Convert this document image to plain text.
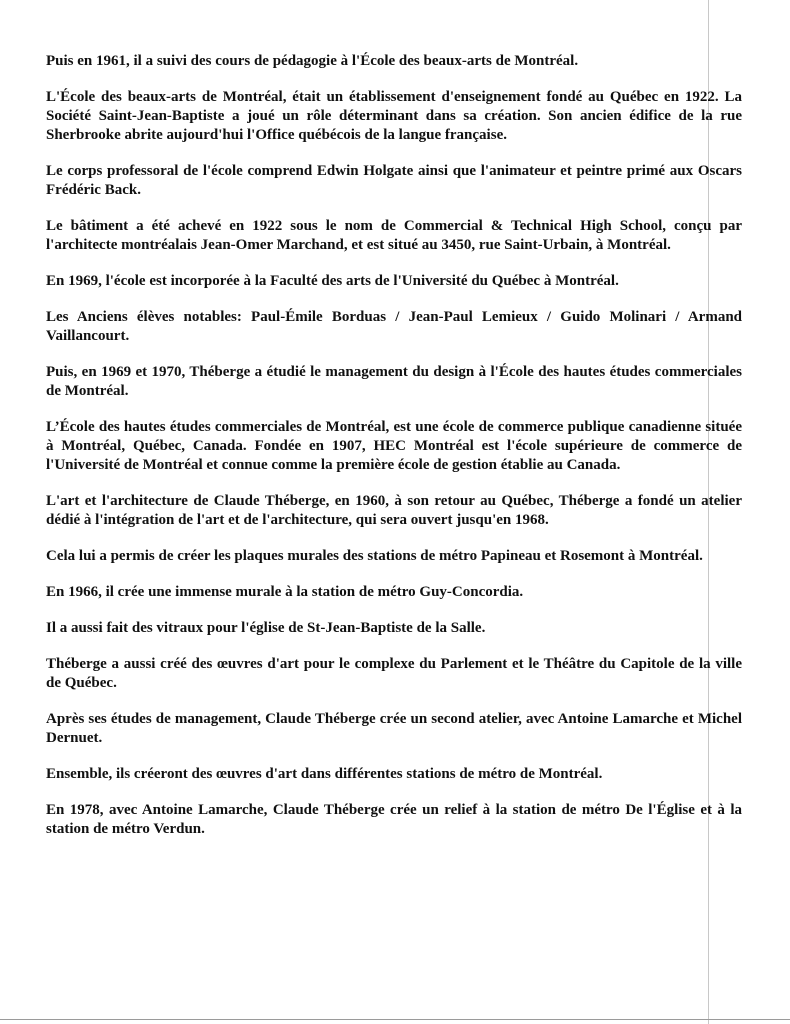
Puis en 1961, il a suivi des cours de pédagogie à l'École des beaux-arts de Montréal.

L'École des beaux-arts de Montréal, était un établissement d'enseignement fondé au Québec en 1922. La Société Saint-Jean-Baptiste a joué un rôle déterminant dans sa création. Son ancien édifice de la rue Sherbrooke abrite aujourd'hui l'Office québécois de la langue française.

Le corps professoral de l'école comprend Edwin Holgate ainsi que l'animateur et peintre primé aux Oscars Frédéric Back.

Le bâtiment a été achevé en 1922 sous le nom de Commercial & Technical High School, conçu par l'architecte montréalais Jean-Omer Marchand, et est situé au 3450, rue Saint-Urbain, à Montréal.

En 1969, l'école est incorporée à la Faculté des arts de l'Université du Québec à Montréal.

Les Anciens élèves notables: Paul-Émile Borduas / Jean-Paul Lemieux / Guido Molinari / Armand Vaillancourt.

Puis, en 1969 et 1970, Théberge a étudié le management du design à l'École des hautes études commerciales de Montréal.

L’École des hautes études commerciales de Montréal, est une école de commerce publique canadienne située à Montréal, Québec, Canada. Fondée en 1907, HEC Montréal est l'école supérieure de commerce de l'Université de Montréal et connue comme la première école de gestion établie au Canada.

L'art et l'architecture de Claude Théberge, en 1960, à son retour au Québec, Théberge a fondé un atelier dédié à l'intégration de l'art et de l'architecture, qui sera ouvert jusqu'en 1968.

Cela lui a permis de créer les plaques murales des stations de métro Papineau et Rosemont à Montréal.

En 1966, il crée une immense murale à la station de métro Guy-Concordia.

Il a aussi fait des vitraux pour l'église de St-Jean-Baptiste de la Salle.

Théberge a aussi créé des œuvres d'art pour le complexe du Parlement et le Théâtre du Capitole de la ville de Québec.

Après ses études de management, Claude Théberge crée un second atelier, avec Antoine Lamarche et Michel Dernuet.

Ensemble, ils créeront des œuvres d'art dans différentes stations de métro de Montréal.

En 1978, avec Antoine Lamarche, Claude Théberge crée un relief à la station de métro De l'Église et à la station de métro Verdun.
